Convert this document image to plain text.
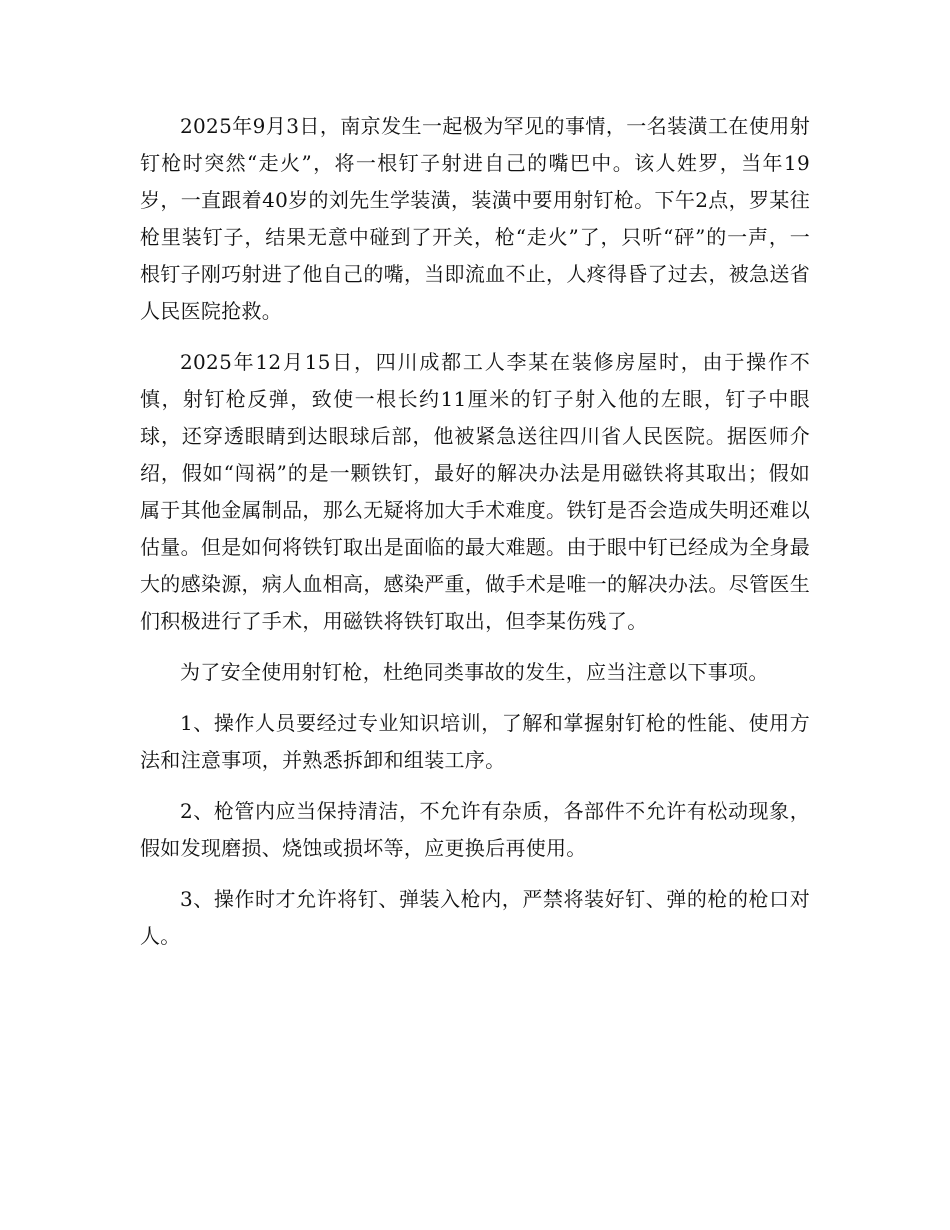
2025年9月3日，南京发生一起极为罕见的事情，一名装潢工在使用射钉枪时突然“走火”，将一根钉子射进自己的嘴巴中。该人姓罗，当年19岁，一直跟着40岁的刘先生学装潢，装潢中要用射钉枪。下午2点，罗某往枪里装钉子，结果无意中碰到了开关，枪“走火”了，只听“砰”的一声，一根钉子刚巧射进了他自己的嘴，当即流血不止，人疼得昏了过去，被急送省人民医院抢救。

2025年12月15日，四川成都工人李某在装修房屋时，由于操作不慎，射钉枪反弹，致使一根长约11厘米的钉子射入他的左眼，钉子中眼球，还穿透眼睛到达眼球后部，他被紧急送往四川省人民医院。据医师介绍，假如“闯祸”的是一颗铁钉，最好的解决办法是用磁铁将其取出；假如属于其他金属制品，那么无疑将加大手术难度。铁钉是否会造成失明还难以估量。但是如何将铁钉取出是面临的最大难题。由于眼中钉已经成为全身最大的感染源，病人血相高，感染严重，做手术是唯一的解决办法。尽管医生们积极进行了手术，用磁铁将铁钉取出，但李某伤残了。

为了安全使用射钉枪，杜绝同类事故的发生，应当注意以下事项。

1、操作人员要经过专业知识培训，了解和掌握射钉枪的性能、使用方法和注意事项，并熟悉拆卸和组装工序。

2、枪管内应当保持清洁，不允许有杂质，各部件不允许有松动现象，假如发现磨损、烧蚀或损坏等，应更换后再使用。

3、操作时才允许将钉、弹装入枪内，严禁将装好钉、弹的枪的枪口对人。
